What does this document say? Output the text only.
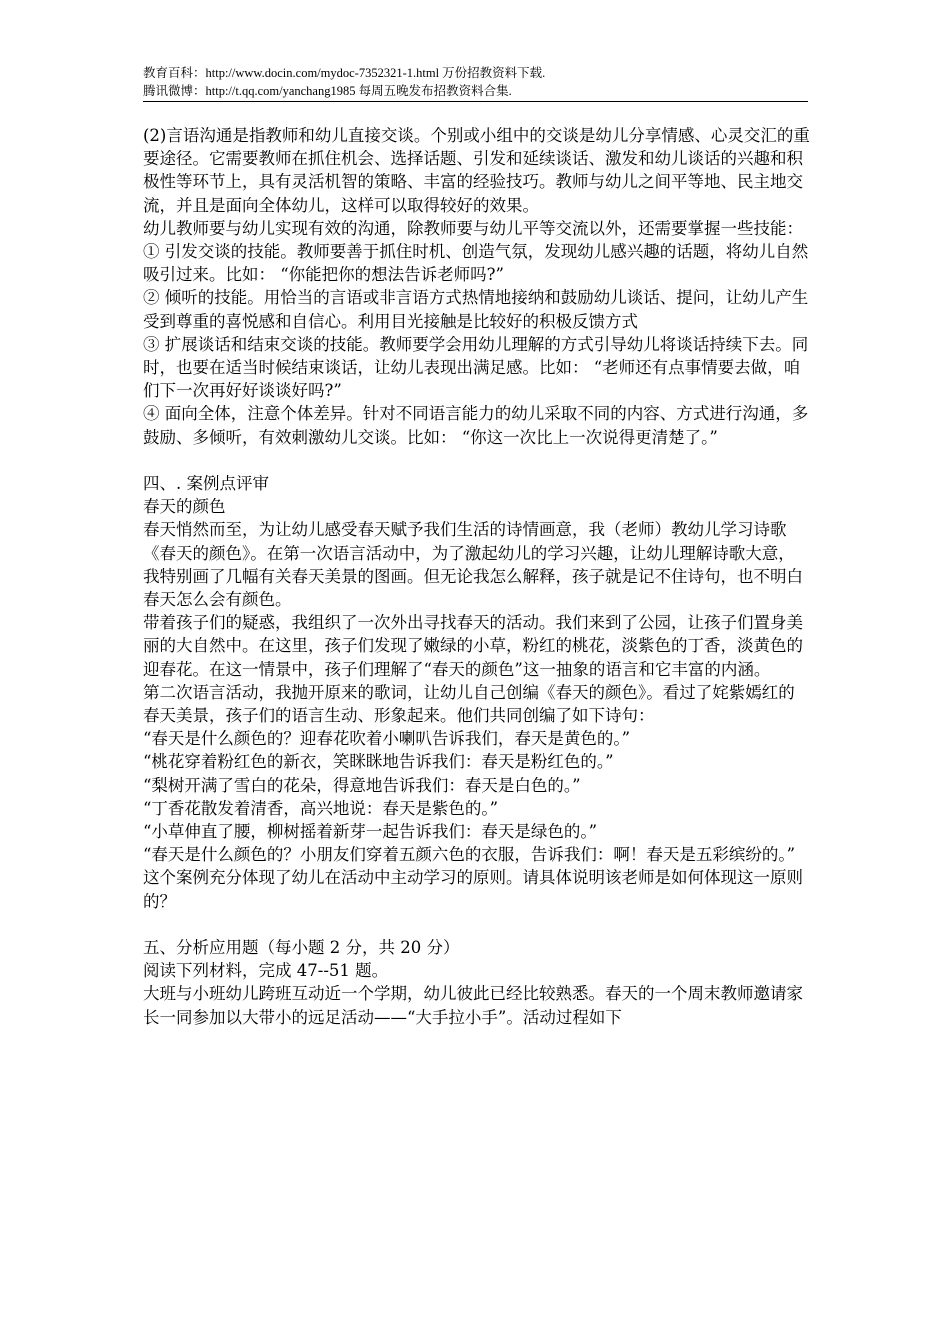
教育百科：http://www.docin.com/mydoc-7352321-1.html 万份招教资料下载.
腾讯微博：http://t.qq.com/yanchang1985 每周五晚发布招教资料合集.

(2)言语沟通是指教师和幼儿直接交谈。个别或小组中的交谈是幼儿分享情感、心灵交汇的重要途径。它需要教师在抓住机会、选择话题、引发和延续谈话、激发和幼儿谈话的兴趣和积极性等环节上，具有灵活机智的策略、丰富的经验技巧。教师与幼儿之间平等地、民主地交流，并且是面向全体幼儿，这样可以取得较好的效果。

幼儿教师要与幼儿实现有效的沟通，除教师要与幼儿平等交流以外，还需要掌握一些技能：

① 引发交谈的技能。教师要善于抓住时机、创造气氛，发现幼儿感兴趣的话题，将幼儿自然吸引过来。比如： “你能把你的想法告诉老师吗?”

② 倾听的技能。用恰当的言语或非言语方式热情地接纳和鼓励幼儿谈话、提问，让幼儿产生受到尊重的喜悦感和自信心。利用目光接触是比较好的积极反馈方式

③ 扩展谈话和结束交谈的技能。教师要学会用幼儿理解的方式引导幼儿将谈话持续下去。同时，也要在适当时候结束谈话，让幼儿表现出满足感。比如： “老师还有点事情要去做，咱们下一次再好好谈谈好吗?”

④ 面向全体，注意个体差异。针对不同语言能力的幼儿采取不同的内容、方式进行沟通，多鼓励、多倾听，有效刺激幼儿交谈。比如： “你这一次比上一次说得更清楚了。”

四、. 案例点评审

春天的颜色

春天悄然而至，为让幼儿感受春天赋予我们生活的诗情画意，我（老师）教幼儿学习诗歌《春天的颜色》。在第一次语言活动中，为了激起幼儿的学习兴趣，让幼儿理解诗歌大意，我特别画了几幅有关春天美景的图画。但无论我怎么解释，孩子就是记不住诗句，也不明白春天怎么会有颜色。

带着孩子们的疑惑，我组织了一次外出寻找春天的活动。我们来到了公园，让孩子们置身美丽的大自然中。在这里，孩子们发现了嫩绿的小草，粉红的桃花，淡紫色的丁香，淡黄色的迎春花。在这一情景中，孩子们理解了“春天的颜色”这一抽象的语言和它丰富的内涵。

第二次语言活动，我抛开原来的歌词，让幼儿自己创编《春天的颜色》。看过了姹紫嫣红的春天美景，孩子们的语言生动、形象起来。他们共同创编了如下诗句：

“春天是什么颜色的？迎春花吹着小喇叭告诉我们，春天是黄色的。”

“桃花穿着粉红色的新衣，笑眯眯地告诉我们：春天是粉红色的。”

“梨树开满了雪白的花朵，得意地告诉我们：春天是白色的。”

“丁香花散发着清香，高兴地说：春天是紫色的。”

“小草伸直了腰，柳树摇着新芽一起告诉我们：春天是绿色的。”

“春天是什么颜色的？小朋友们穿着五颜六色的衣服，告诉我们：啊！春天是五彩缤纷的。”

这个案例充分体现了幼儿在活动中主动学习的原则。请具体说明该老师是如何体现这一原则的？

五、分析应用题（每小题 2 分，共 20 分）

阅读下列材料，完成 47--51 题。

大班与小班幼儿跨班互动近一个学期，幼儿彼此已经比较熟悉。春天的一个周末教师邀请家长一同参加以大带小的远足活动——“大手拉小手”。活动过程如下
